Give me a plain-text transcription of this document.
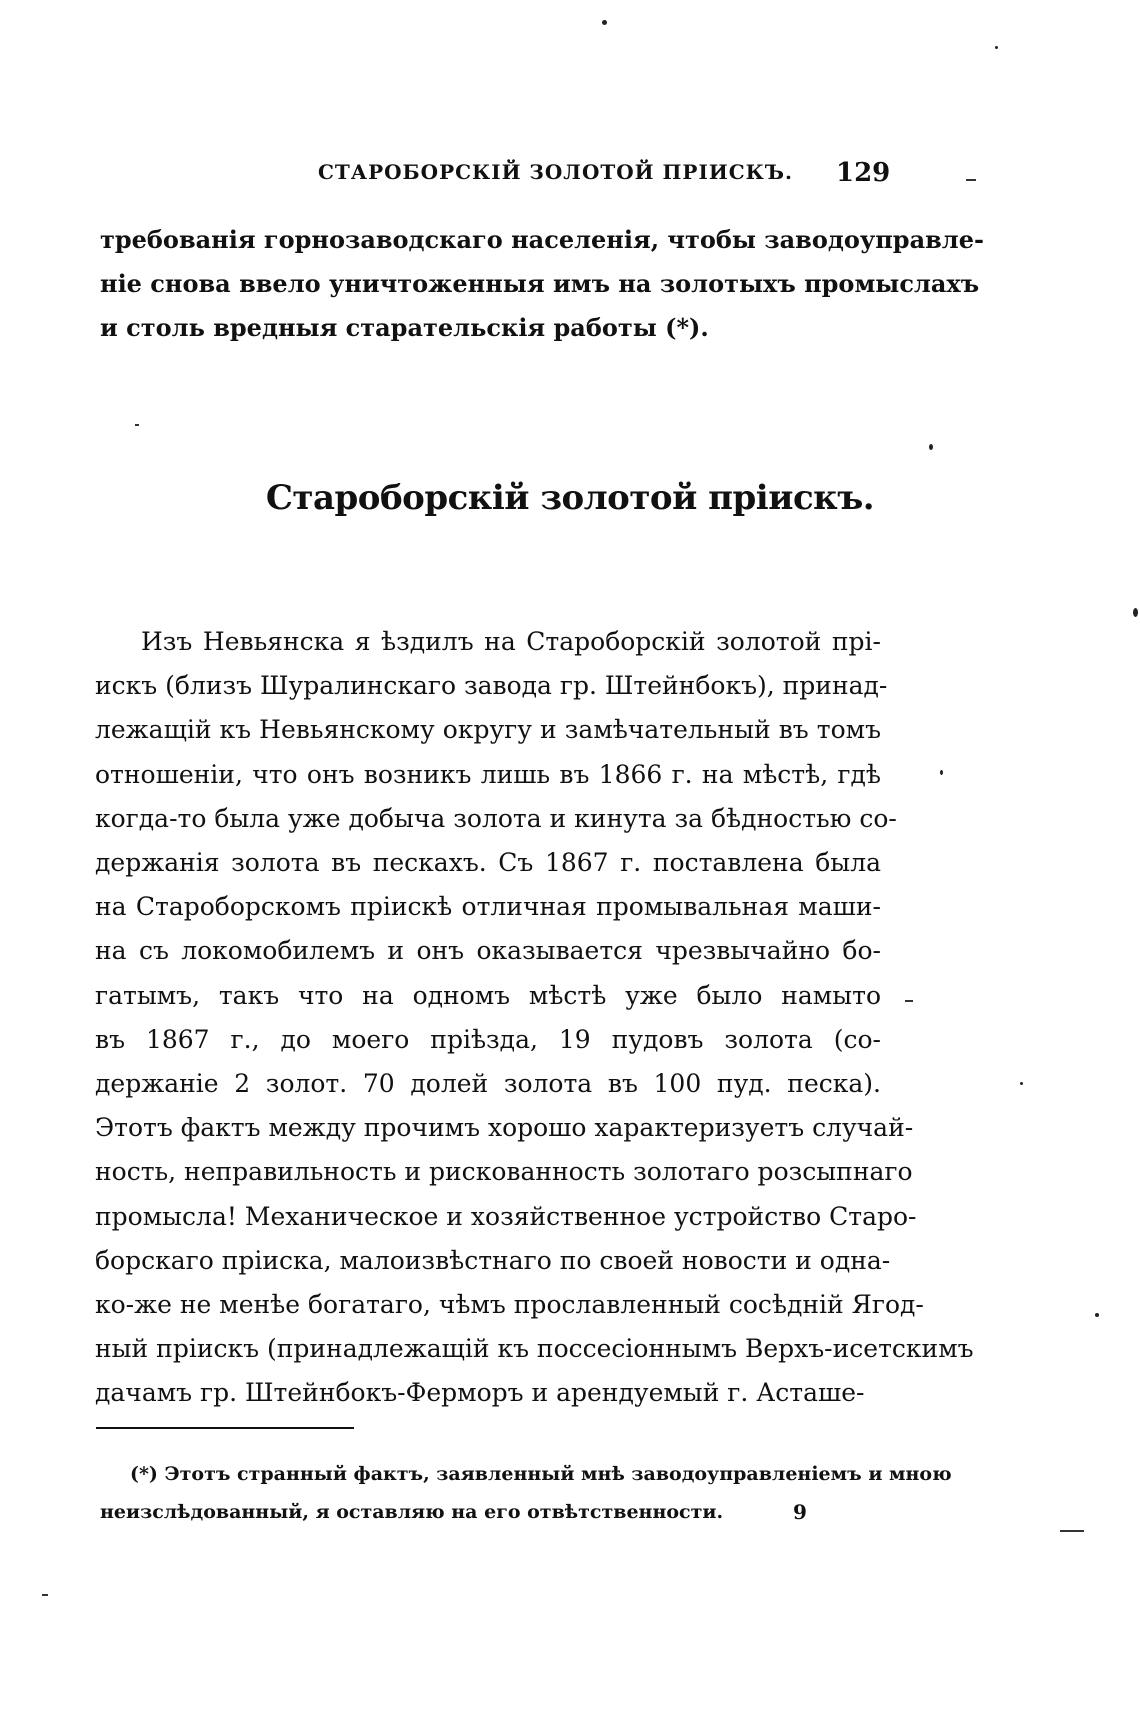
СТАРОБОРСКІЙ ЗОЛОТОЙ ПРІИСКЪ. 129
требованія горнозаводскаго населенія, чтобы заводоуправле-
ніе снова ввело уничтоженныя имъ на золотыхъ промыслахъ
и столь вредныя старательскія работы (*).
Староборскій золотой пріискъ.
Изъ Невьянска я ѣздилъ на Староборскій золотой прі-
искъ (близъ Шуралинскаго завода гр. Штейнбокъ), принад-
лежащій къ Невьянскому округу и замѣчательный въ томъ
отношеніи, что онъ возникъ лишь въ 1866 г. на мѣстѣ, гдѣ
когда-то была уже добыча золота и кинута за бѣдностью со-
держанія золота въ пескахъ. Съ 1867 г. поставлена была
на Староборскомъ пріискѣ отличная промывальная маши-
на съ локомобилемъ и онъ оказывается чрезвычайно бо-
гатымъ, такъ что на одномъ мѣстѣ уже было намыто
въ 1867 г., до моего пріѣзда, 19 пудовъ золота (со-
держаніе 2 золот. 70 долей золота въ 100 пуд. песка).
Этотъ фактъ между прочимъ хорошо характеризуетъ случай-
ность, неправильность и рискованность золотаго розсыпнаго
промысла! Механическое и хозяйственное устройство Старо-
борскаго пріиска, малоизвѣстнаго по своей новости и одна-
ко-же не менѣе богатаго, чѣмъ прославленный сосѣдній Ягод-
ный пріискъ (принадлежащій къ поссесіоннымъ Верхъ-исетскимъ
дачамъ гр. Штейнбокъ-Ферморъ и арендуемый г. Асташе-
(*) Этотъ странный фактъ, заявленный мнѣ заводоуправленіемъ и мною
неизслѣдованный, я оставляю на его отвѣтственности.	9
